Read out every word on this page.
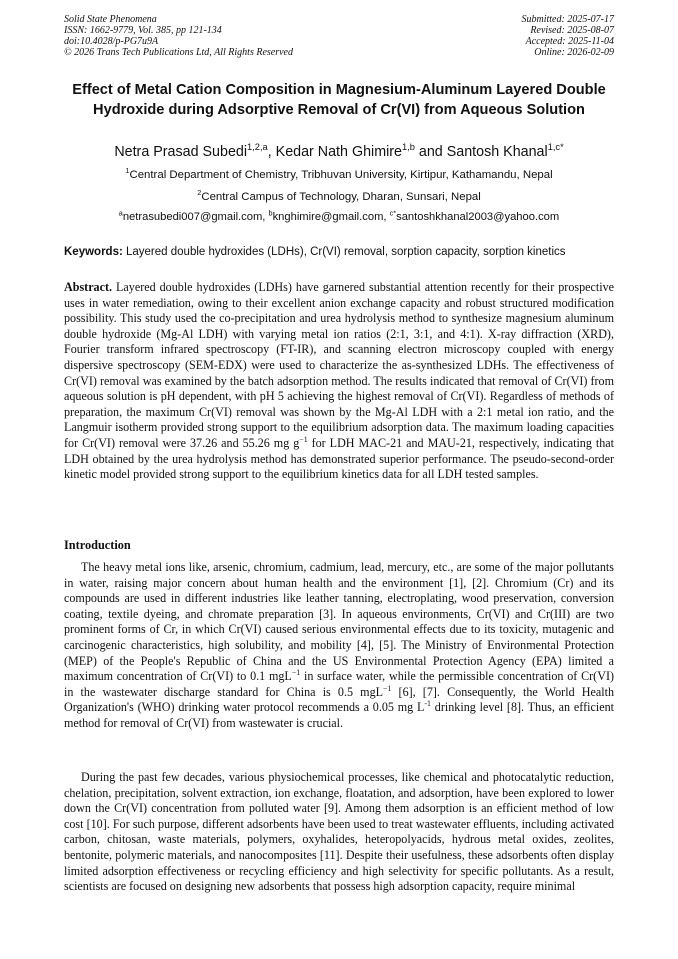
Solid State Phenomena
ISSN: 1662-9779, Vol. 385, pp 121-134
doi:10.4028/p-PG7u9A
© 2026 Trans Tech Publications Ltd, All Rights Reserved
Submitted: 2025-07-17
Revised: 2025-08-07
Accepted: 2025-11-04
Online: 2026-02-09
Effect of Metal Cation Composition in Magnesium-Aluminum Layered Double Hydroxide during Adsorptive Removal of Cr(VI) from Aqueous Solution
Netra Prasad Subedi$^{1,2,a}$, Kedar Nath Ghimire$^{1,b}$ and Santosh Khanal$^{1,c*}$
$^1$Central Department of Chemistry, Tribhuvan University, Kirtipur, Kathamandu, Nepal
$^2$Central Campus of Technology, Dharan, Sunsari, Nepal
$^a$netrasubedi007@gmail.com, $^b$knghimire@gmail.com, $^{c*}$santoshkhanal2003@yahoo.com
Keywords: Layered double hydroxides (LDHs), Cr(VI) removal, sorption capacity, sorption kinetics
Abstract. Layered double hydroxides (LDHs) have garnered substantial attention recently for their prospective uses in water remediation, owing to their excellent anion exchange capacity and robust structured modification possibility. This study used the co-precipitation and urea hydrolysis method to synthesize magnesium aluminum double hydroxide (Mg-Al LDH) with varying metal ion ratios (2:1, 3:1, and 4:1). X-ray diffraction (XRD), Fourier transform infrared spectroscopy (FT-IR), and scanning electron microscopy coupled with energy dispersive spectroscopy (SEM-EDX) were used to characterize the as-synthesized LDHs. The effectiveness of Cr(VI) removal was examined by the batch adsorption method. The results indicated that removal of Cr(VI) from aqueous solution is pH dependent, with pH 5 achieving the highest removal of Cr(VI). Regardless of methods of preparation, the maximum Cr(VI) removal was shown by the Mg-Al LDH with a 2:1 metal ion ratio, and the Langmuir isotherm provided strong support to the equilibrium adsorption data. The maximum loading capacities for Cr(VI) removal were 37.26 and 55.26 mg $g^{-1}$ for LDH MAC-21 and MAU-21, respectively, indicating that LDH obtained by the urea hydrolysis method has demonstrated superior performance. The pseudo-second-order kinetic model provided strong support to the equilibrium kinetics data for all LDH tested samples.
Introduction
The heavy metal ions like, arsenic, chromium, cadmium, lead, mercury, etc., are some of the major pollutants in water, raising major concern about human health and the environment [1], [2]. Chromium (Cr) and its compounds are used in different industries like leather tanning, electroplating, wood preservation, conversion coating, textile dyeing, and chromate preparation [3]. In aqueous environments, Cr(VI) and Cr(III) are two prominent forms of Cr, in which Cr(VI) caused serious environmental effects due to its toxicity, mutagenic and carcinogenic characteristics, high solubility, and mobility [4], [5]. The Ministry of Environmental Protection (MEP) of the People's Republic of China and the US Environmental Protection Agency (EPA) limited a maximum concentration of Cr(VI) to 0.1 mgL$^{-1}$ in surface water, while the permissible concentration of Cr(VI) in the wastewater discharge standard for China is 0.5 mgL$^{-1}$ [6], [7]. Consequently, the World Health Organization's (WHO) drinking water protocol recommends a 0.05 mg $L^{-1}$ drinking level [8]. Thus, an efficient method for removal of Cr(VI) from wastewater is crucial.
During the past few decades, various physiochemical processes, like chemical and photocatalytic reduction, chelation, precipitation, solvent extraction, ion exchange, floatation, and adsorption, have been explored to lower down the Cr(VI) concentration from polluted water [9]. Among them adsorption is an efficient method of low cost [10]. For such purpose, different adsorbents have been used to treat wastewater effluents, including activated carbon, chitosan, waste materials, polymers, oxyhalides, heteropolyacids, hydrous metal oxides, zeolites, bentonite, polymeric materials, and nanocomposites [11]. Despite their usefulness, these adsorbents often display limited adsorption effectiveness or recycling efficiency and high selectivity for specific pollutants. As a result, scientists are focused on designing new adsorbents that possess high adsorption capacity, require minimal
